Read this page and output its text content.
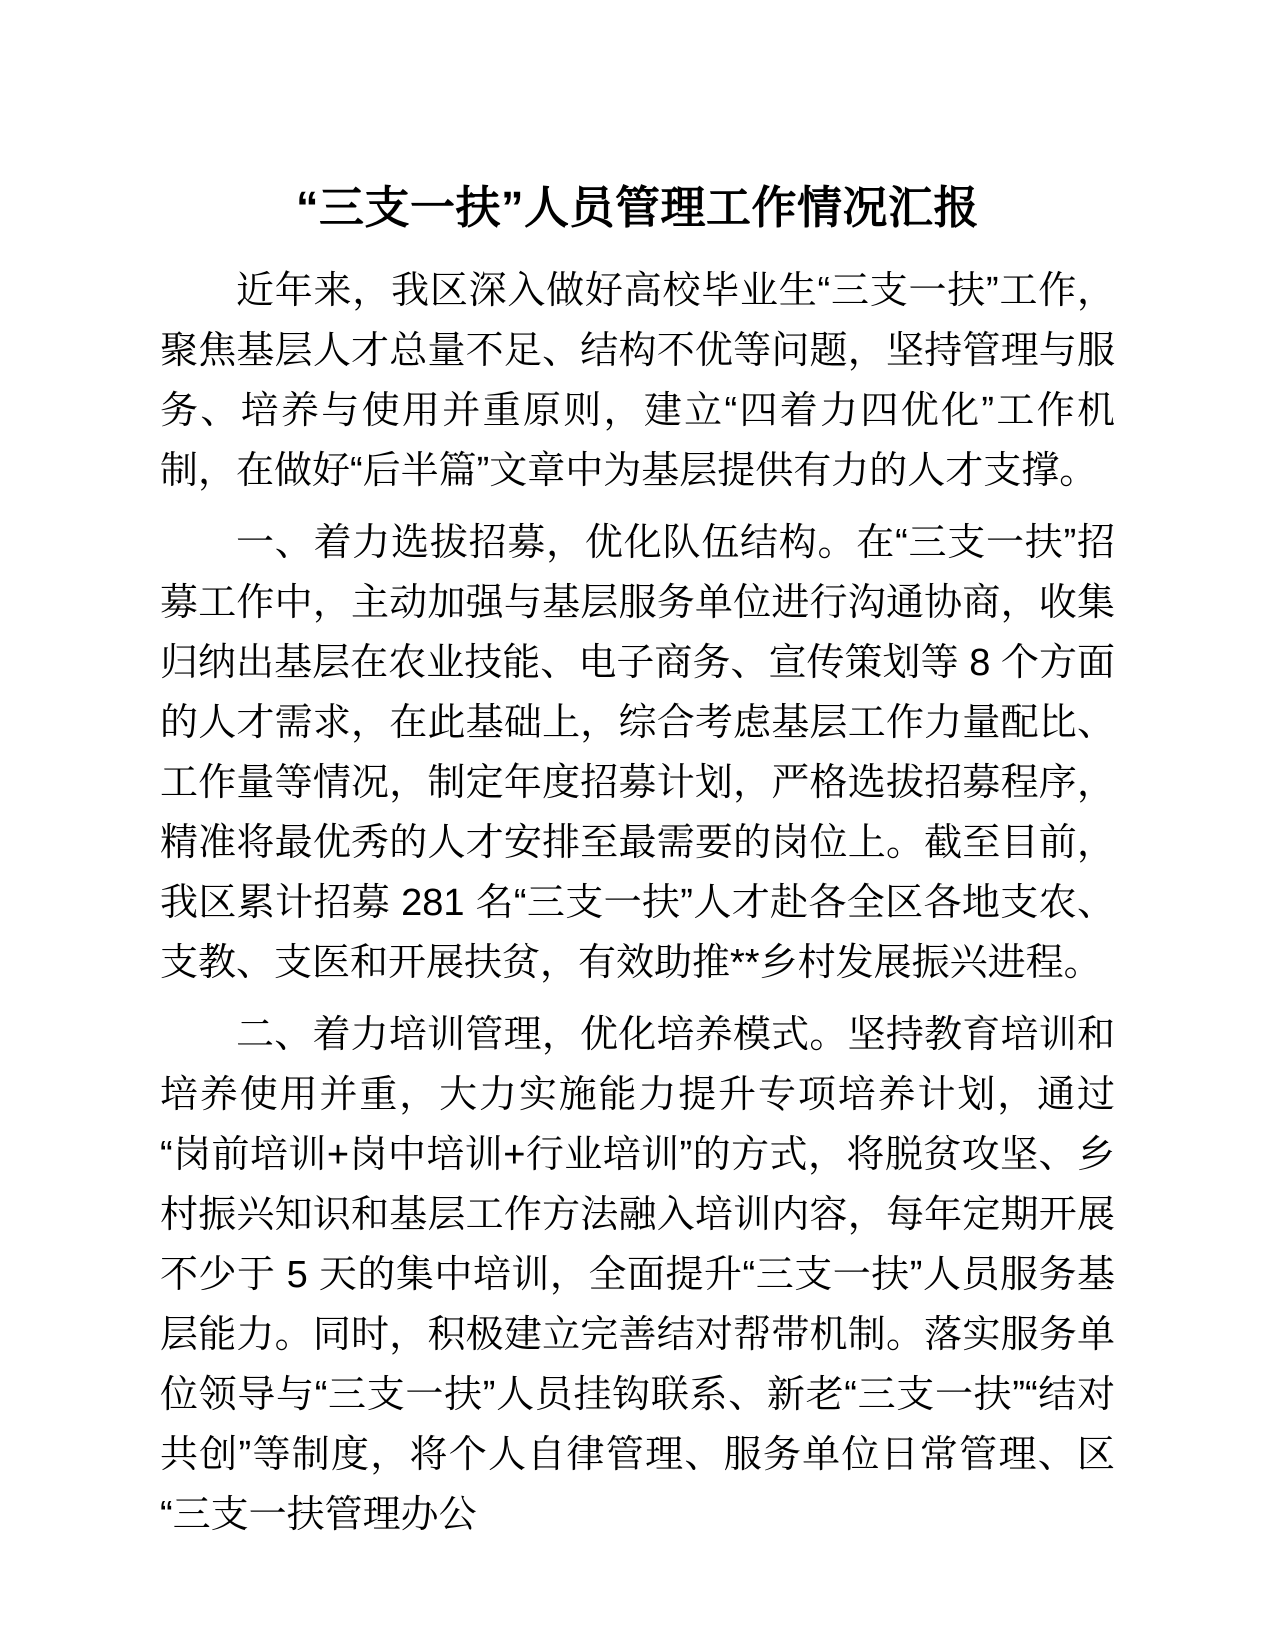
“三支一扶”人员管理工作情况汇报

近年来，我区深入做好高校毕业生“三支一扶”工作，聚焦基层人才总量不足、结构不优等问题，坚持管理与服务、培养与使用并重原则，建立“四着力四优化”工作机制，在做好“后半篇”文章中为基层提供有力的人才支撑。

一、着力选拔招募，优化队伍结构。在“三支一扶”招募工作中，主动加强与基层服务单位进行沟通协商，收集归纳出基层在农业技能、电子商务、宣传策划等 8 个方面的人才需求，在此基础上，综合考虑基层工作力量配比、工作量等情况，制定年度招募计划，严格选拔招募程序，精准将最优秀的人才安排至最需要的岗位上。截至目前，我区累计招募 281 名“三支一扶”人才赴各全区各地支农、支教、支医和开展扶贫，有效助推**乡村发展振兴进程。

二、着力培训管理，优化培养模式。坚持教育培训和培养使用并重，大力实施能力提升专项培养计划，通过“岗前培训+岗中培训+行业培训”的方式，将脱贫攻坚、乡村振兴知识和基层工作方法融入培训内容，每年定期开展不少于 5 天的集中培训，全面提升“三支一扶”人员服务基层能力。同时，积极建立完善结对帮带机制。落实服务单位领导与“三支一扶”人员挂钩联系、新老“三支一扶”“结对共创”等制度，将个人自律管理、服务单位日常管理、区“三支一扶管理办公
